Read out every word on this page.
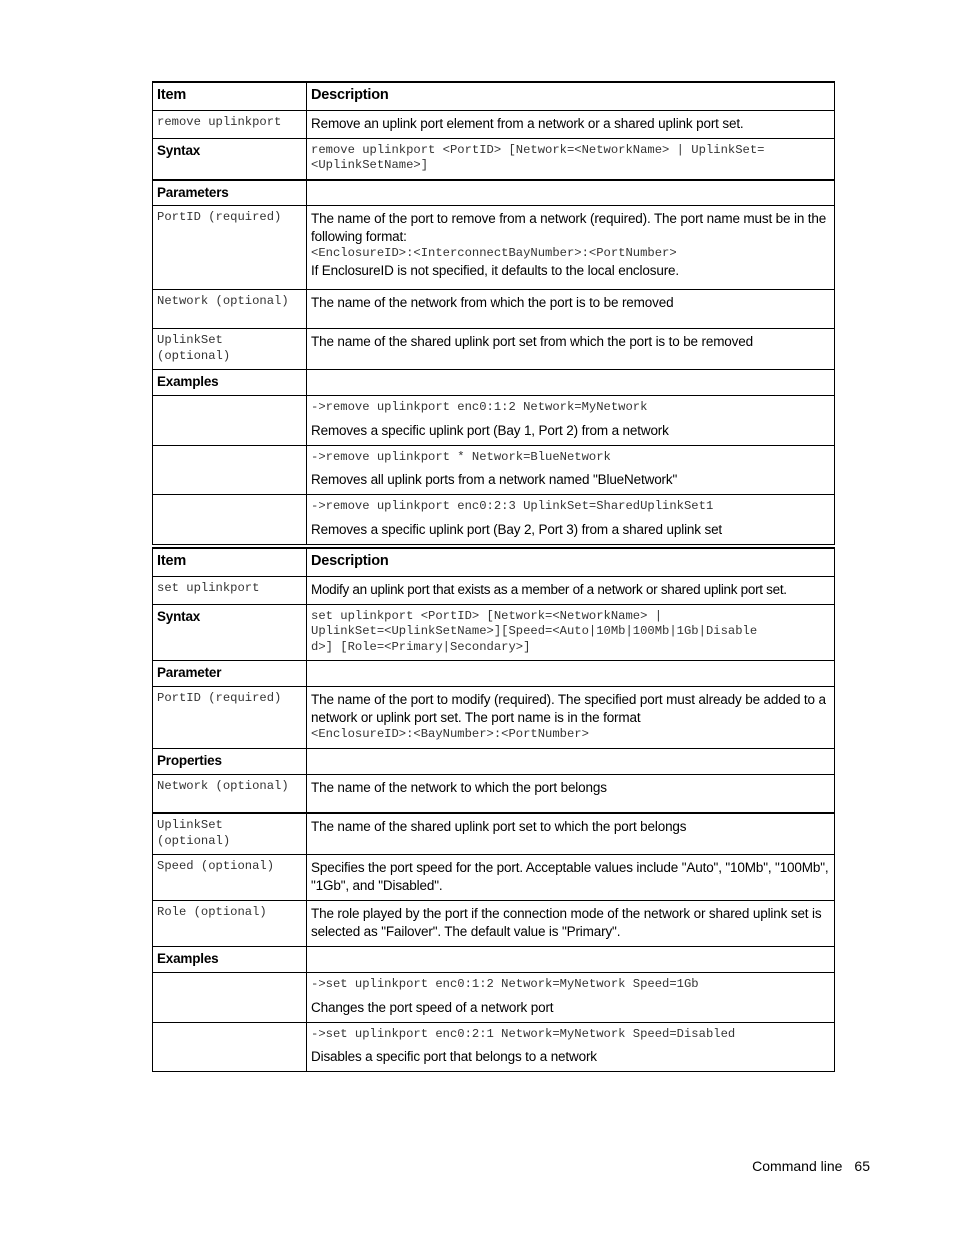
Item	Description
remove uplinkport	Remove an uplink port element from a network or a shared uplink port set.
Syntax	remove uplinkport <PortID> [Network=<NetworkName> | UplinkSet=<UplinkSetName>]
Parameters	
PortID (required)	The name of the port to remove from a network (required). The port name must be in the following format:
<EnclosureID>:<InterconnectBayNumber>:<PortNumber>
If EnclosureID is not specified, it defaults to the local enclosure.

Network (optional)	The name of the network from which the port is to be removed
UplinkSet (optional)	The name of the shared uplink port set from which the port is to be removed
Examples	

	->remove uplinkport enc0:1:2 Network=MyNetwork
Removes a specific uplink port (Bay 1, Port 2) from a network

	->remove uplinkport * Network=BlueNetwork
Removes all uplink ports from a network named "BlueNetwork"

	->remove uplinkport enc0:2:3 UplinkSet=SharedUplinkSet1
Removes a specific uplink port (Bay 2, Port 3) from a shared uplink set
Item	Description
set uplinkport	Modify an uplink port that exists as a member of a network or shared uplink port set.
Syntax	set uplinkport <PortID> [Network=<NetworkName> |
UplinkSet=<UplinkSetName>][Speed=<Auto|10Mb|100Mb|1Gb|Disable
d>] [Role=<Primary|Secondary>]

Parameter	
PortID (required)	The name of the port to modify (required). The specified port must already be added to a network or uplink port set. The port name is in the format
<EnclosureID>:<BayNumber>:<PortNumber>

Properties	
Network (optional)	The name of the network to which the port belongs
UplinkSet (optional)	The name of the shared uplink port set to which the port belongs
Speed (optional)	Specifies the port speed for the port. Acceptable values include "Auto", "10Mb", "100Mb", "1Gb", and "Disabled".
Role (optional)	The role played by the port if the connection mode of the network or shared uplink set is selected as "Failover". The default value is "Primary".
Examples	

	->set uplinkport enc0:1:2 Network=MyNetwork Speed=1Gb
Changes the port speed of a network port

	->set uplinkport enc0:2:1 Network=MyNetwork Speed=Disabled
Disables a specific port that belongs to a network
Command line 65
